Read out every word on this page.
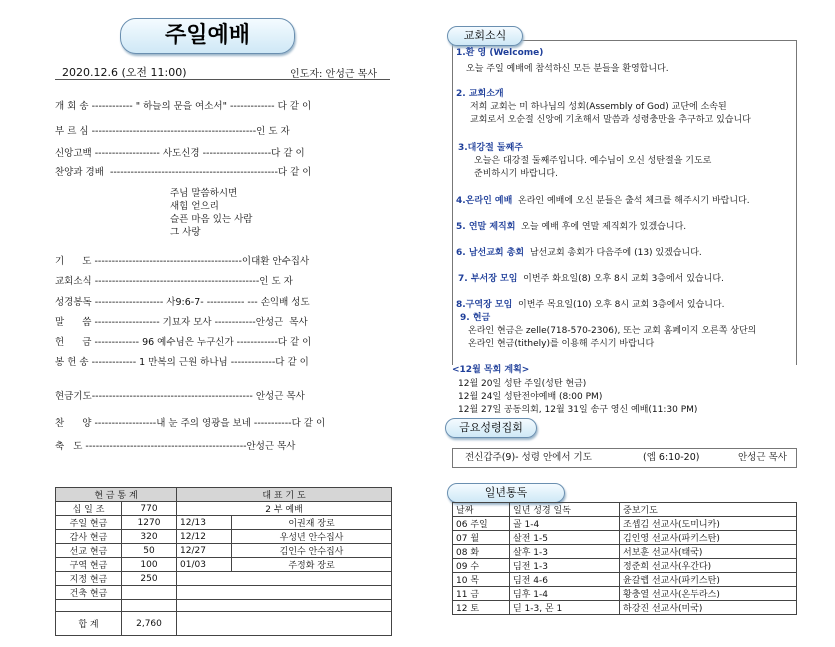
주일예배
2020.12.6 (오전 11:00)	인도자: 안성근 목사
개 회 송 ------------ " 하늘의 문을 여소서" ------------- 다 같 이
부 르 심 ------------------------------------------------인 도 자
신앙고백 ------------------- 사도신경 --------------------다 같 이
찬양과 경배  -------------------------------------------------다 같 이
주님 말씀하시면
새힘 얻으리
슬픈 마음 있는 사람
그 사랑
기      도 -------------------------------------------이대환 안수집사
교회소식 ------------------------------------------------인 도 자
성경봉독 -------------------- 사9:6-7- ----------- --- 손익배 성도
말      씀 ------------------- 기묘자 모사 ------------안성근  목사
헌      금 ------------- 96 예수님은 누구신가 ------------다 같 이
봉 헌 송 ------------- 1 만복의 근원 하나님 -------------다 같 이
현금기도----------------------------------------------- 안성근 목사
찬      양 ------------------내 눈 주의 영광을 보네 -----------다 같 이
축   도 -----------------------------------------------안성근 목사
현 금 통 계		대 표 기 도	
십 일 조	770	2 부 예배	
주일 현금	1270	12/13	이권재 장로
감사 현금	320	12/12	우성년 안수집사
선교 현금	50	12/27	김인수 안수집사
구역 현금	100	01/03	주정화 장로
지정 현금	250		
건축 현금			

합 계	2,760		
교회소식
1.환 영 (Welcome)
오늘 주일 예배에 참석하신 모든 분들을 환영합니다.
2. 교회소개
저희 교회는 미 하나님의 성회(Assembly of God) 교단에 소속된
교회로서 오순절 신앙에 기초해서 말씀과 성령충만을 추구하고 있습니다
3.대강절 둘째주
오늘은 대강절 둘째주입니다. 예수님이 오신 성탄절을 기도로
준비하시기 바랍니다.
4.온라인 예배 온라인 예배에 오신 분들은 출석 체크를 해주시기 바랍니다.
5. 연말 제직회 오늘 예배 후에 연말 제직회가 있겠습니다.
6. 남선교회 총회 남선교회 총회가 다음주에 (13) 있겠습니다.
7. 부서장 모임 이번주 화요일(8) 오후 8시 교회 3층에서 있습니다.
8.구역장 모임 이번주 목요일(10) 오후 8시 교회 3층에서 있습니다.
9. 현금
온라인 현금은 zelle(718-570-2306), 또는 교회 홈페이지 오른쪽 상단의
온라인 현금(tithely)를 이용해 주시기 바랍니다
<12월 목회 계획>
12월 20일 성탄 주일(성탄 현금)
12월 24일 성탄전야예배 (8:00 PM)
12월 27일 공동의회, 12월 31일 송구 영신 예배(11:30 PM)
금요성령집회
전신갑주(9)- 성령 안에서 기도	(엡 6:10-20)	안성근 목사
일년통독
날짜	일년 성경 일독	중보기도
06 주일	골 1-4	조셉김 선교사(도미니카)
07 월	살전 1-5	김인영 선교사(파키스탄)
08 화	살후 1-3	서보훈 선교사(태국)
09 수	딤전 1-3	정준희 선교사(우간다)
10 목	딤전 4-6	윤갈렙 선교사(파키스탄)
11 금	딤후 1-4	황충열 선교사(온두라스)
12 토	딛 1-3, 몬 1	하강진 선교사(미국)
